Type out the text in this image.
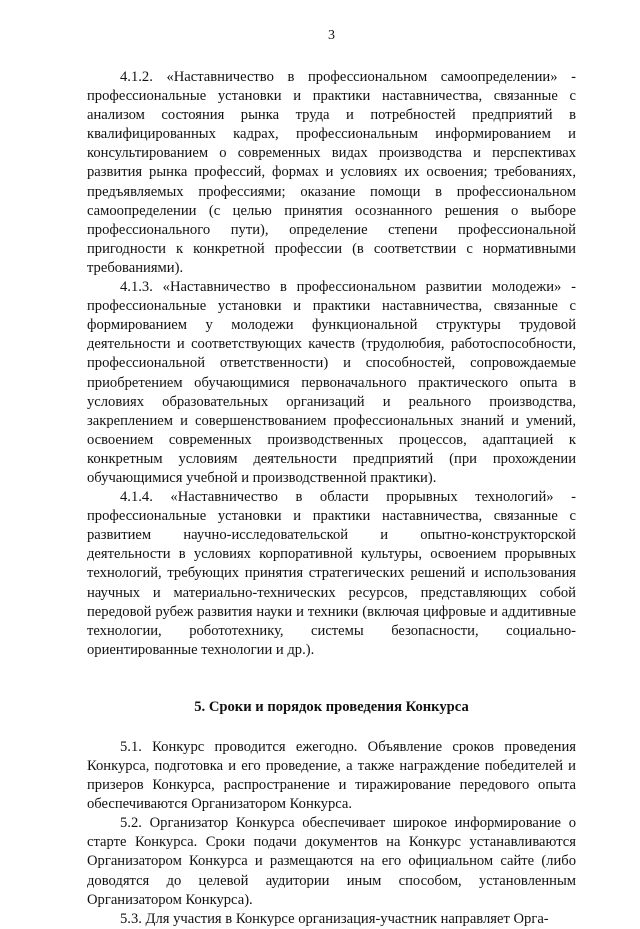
3

4.1.2. «Наставничество в профессиональном самоопределении» - профессиональные установки и практики наставничества, связанные с анализом состояния рынка труда и потребностей предприятий в квалифицированных кадрах, профессиональным информированием и консультированием о современных видах производства и перспективах развития рынка профессий, формах и условиях их освоения; требованиях, предъявляемых профессиями; оказание помощи в профессиональном самоопределении (с целью принятия осознанного решения о выборе профессионального пути), определение степени профессиональной пригодности к конкретной профессии (в соответствии с нормативными требованиями).

4.1.3. «Наставничество в профессиональном развитии молодежи» - профессиональные установки и практики наставничества, связанные с формированием у молодежи функциональной структуры трудовой деятельности и соответствующих качеств (трудолюбия, работоспособности, профессиональной ответственности) и способностей, сопровождаемые приобретением обучающимися первоначального практического опыта в условиях образовательных организаций и реального производства, закреплением и совершенствованием профессиональных знаний и умений, освоением современных производственных процессов, адаптацией к конкретным условиям деятельности предприятий (при прохождении обучающимися учебной и производственной практики).

4.1.4. «Наставничество в области прорывных технологий» - профессиональные установки и практики наставничества, связанные с развитием научно-исследовательской и опытно-конструкторской деятельности в условиях корпоративной культуры, освоением прорывных технологий, требующих принятия стратегических решений и использования научных и материально-технических ресурсов, представляющих собой передовой рубеж развития науки и техники (включая цифровые и аддитивные технологии, робототехнику, системы безопасности, социально-ориентированные технологии и др.).

5. Сроки и порядок проведения Конкурса

5.1. Конкурс проводится ежегодно. Объявление сроков проведения Конкурса, подготовка и его проведение, а также награждение победителей и призеров Конкурса, распространение и тиражирование передового опыта обеспечиваются Организатором Конкурса.

5.2. Организатор Конкурса обеспечивает широкое информирование о старте Конкурса. Сроки подачи документов на Конкурс устанавливаются Организатором Конкурса и размещаются на его официальном сайте (либо доводятся до целевой аудитории иным способом, установленным Организатором Конкурса).

5.3. Для участия в Конкурсе организация-участник направляет Орга-
